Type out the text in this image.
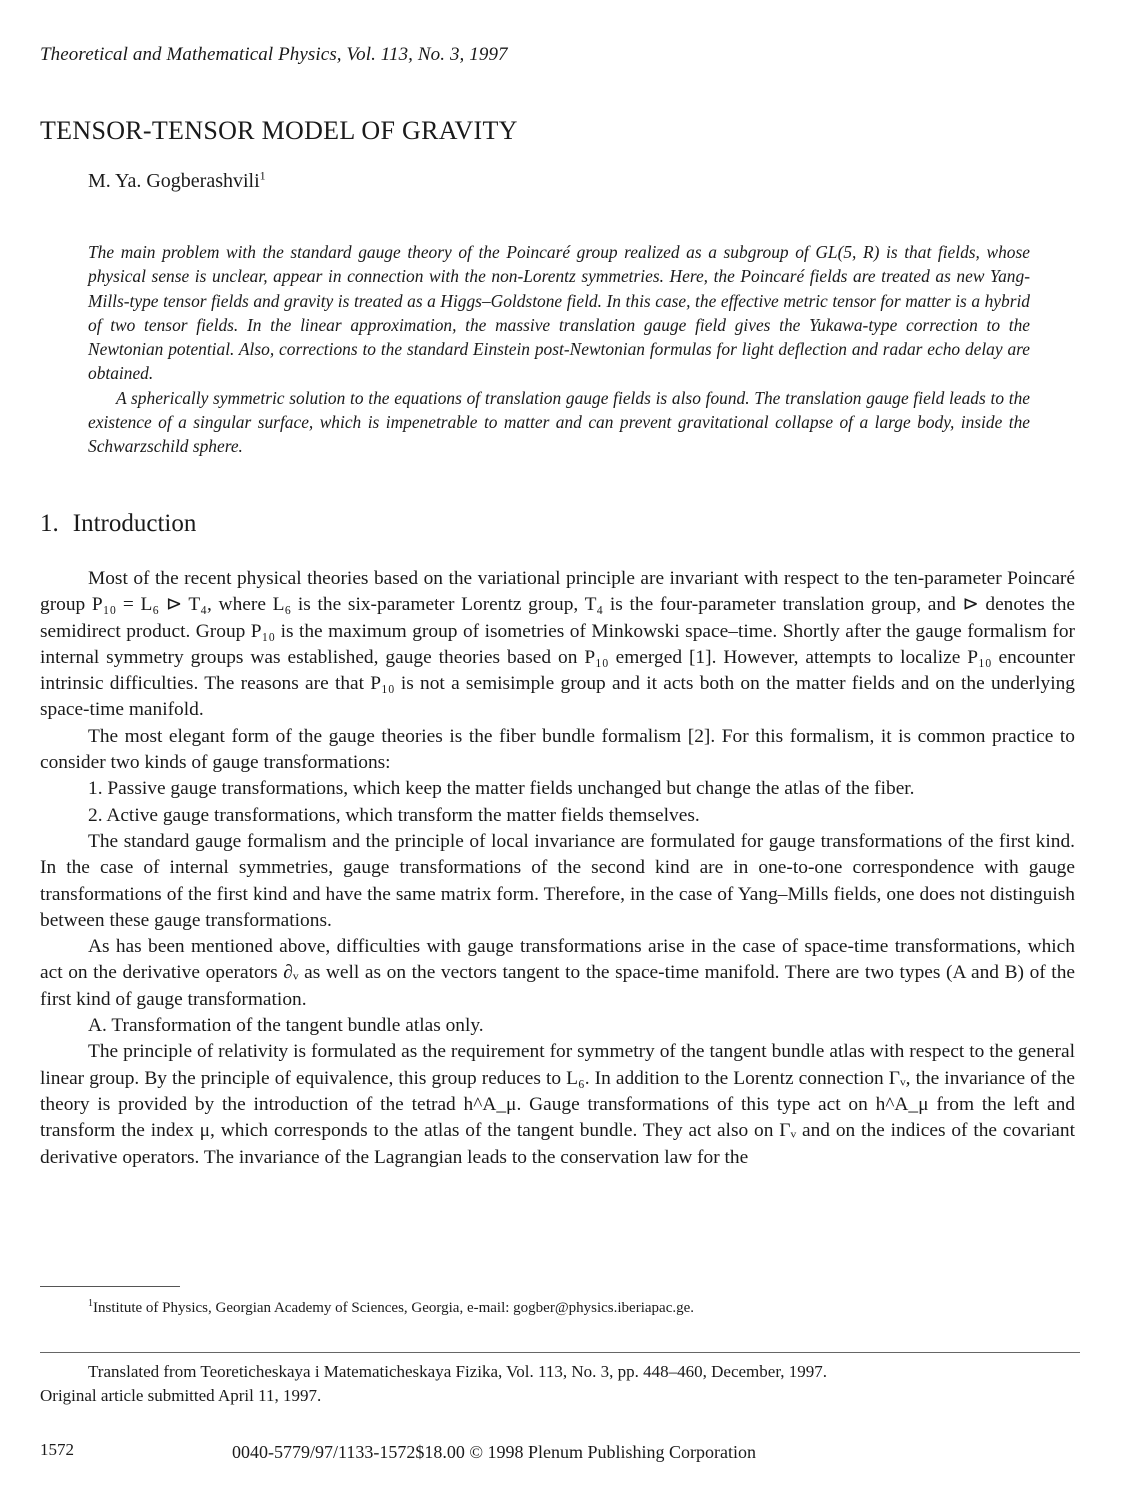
Theoretical and Mathematical Physics, Vol. 113, No. 3, 1997
TENSOR-TENSOR MODEL OF GRAVITY
M. Ya. Gogberashvili$^1$

The main problem with the standard gauge theory of the Poincaré group realized as a subgroup of GL(5, R) is that fields, whose physical sense is unclear, appear in connection with the non-Lorentz symmetries. Here, the Poincaré fields are treated as new Yang-Mills-type tensor fields and gravity is treated as a Higgs–Goldstone field. In this case, the effective metric tensor for matter is a hybrid of two tensor fields. In the linear approximation, the massive translation gauge field gives the Yukawa-type correction to the Newtonian potential. Also, corrections to the standard Einstein post-Newtonian formulas for light deflection and radar echo delay are obtained.

A spherically symmetric solution to the equations of translation gauge fields is also found. The translation gauge field leads to the existence of a singular surface, which is impenetrable to matter and can prevent gravitational collapse of a large body, inside the Schwarzschild sphere.

1. Introduction

Most of the recent physical theories based on the variational principle are invariant with respect to the ten-parameter Poincaré group P₁₀ = L₆ ⊳ T₄, where L₆ is the six-parameter Lorentz group, T₄ is the four-parameter translation group, and ⊳ denotes the semidirect product. Group P₁₀ is the maximum group of isometries of Minkowski space–time. Shortly after the gauge formalism for internal symmetry groups was established, gauge theories based on P₁₀ emerged [1]. However, attempts to localize P₁₀ encounter intrinsic difficulties. The reasons are that P₁₀ is not a semisimple group and it acts both on the matter fields and on the underlying space-time manifold.

The most elegant form of the gauge theories is the fiber bundle formalism [2]. For this formalism, it is common practice to consider two kinds of gauge transformations:

1. Passive gauge transformations, which keep the matter fields unchanged but change the atlas of the fiber.

2. Active gauge transformations, which transform the matter fields themselves.

The standard gauge formalism and the principle of local invariance are formulated for gauge transformations of the first kind. In the case of internal symmetries, gauge transformations of the second kind are in one-to-one correspondence with gauge transformations of the first kind and have the same matrix form. Therefore, in the case of Yang–Mills fields, one does not distinguish between these gauge transformations.

As has been mentioned above, difficulties with gauge transformations arise in the case of space-time transformations, which act on the derivative operators ∂ᵥ as well as on the vectors tangent to the space-time manifold. There are two types (A and B) of the first kind of gauge transformation.

A. Transformation of the tangent bundle atlas only.

The principle of relativity is formulated as the requirement for symmetry of the tangent bundle atlas with respect to the general linear group. By the principle of equivalence, this group reduces to L₆. In addition to the Lorentz connection Γᵥ, the invariance of the theory is provided by the introduction of the tetrad h^A_μ. Gauge transformations of this type act on h^A_μ from the left and transform the index μ, which corresponds to the atlas of the tangent bundle. They act also on Γᵥ and on the indices of the covariant derivative operators. The invariance of the Lagrangian leads to the conservation law for the

$^1$Institute of Physics, Georgian Academy of Sciences, Georgia, e-mail: gogber@physics.iberiapac.ge.
Translated from Teoreticheskaya i Matematicheskaya Fizika, Vol. 113, No. 3, pp. 448–460, December, 1997.
Original article submitted April 11, 1997.
1572	0040-5779/97/1133-1572$18.00 © 1998 Plenum Publishing Corporation
